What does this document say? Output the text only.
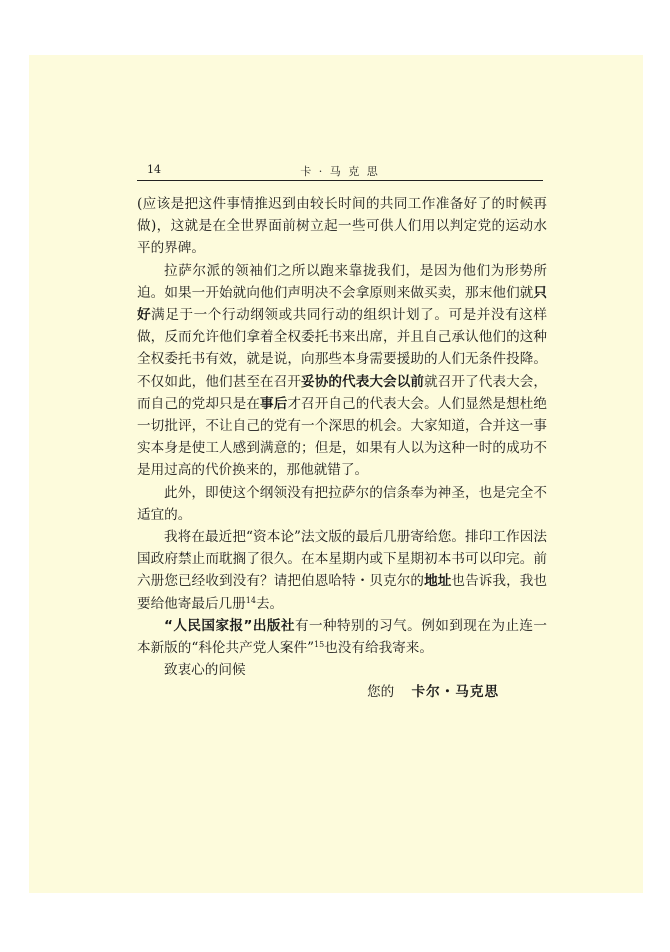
14	卡 · 马 克 思

(应该是把这件事情推迟到由较长时间的共同工作准备好了的时候再做)，这就是在全世界面前树立起一些可供人们用以判定党的运动水平的界碑。

拉萨尔派的领袖们之所以跑来靠拢我们，是因为他们为形势所迫。如果一开始就向他们声明决不会拿原则来做买卖，那末他们就只好满足于一个行动纲领或共同行动的组织计划了。可是并没有这样做，反而允许他们拿着全权委托书来出席，并且自己承认他们的这种全权委托书有效，就是说，向那些本身需要援助的人们无条件投降。不仅如此，他们甚至在召开妥协的代表大会以前就召开了代表大会，而自己的党却只是在事后才召开自己的代表大会。人们显然是想杜绝一切批评，不让自己的党有一个深思的机会。大家知道，合并这一事实本身是使工人感到满意的；但是，如果有人以为这种一时的成功不是用过高的代价换来的，那他就错了。

此外，即使这个纲领没有把拉萨尔的信条奉为神圣，也是完全不适宜的。

我将在最近把“资本论”法文版的最后几册寄给您。排印工作因法国政府禁止而耽搁了很久。在本星期内或下星期初本书可以印完。前六册您已经收到没有？请把伯恩哈特・贝克尔的地址也告诉我，我也要给他寄最后几册$^{14}$去。

“人民国家报”出版社有一种特别的习气。例如到现在为止连一本新版的“科伦共产党人案件”$^{15}$也没有给我寄来。

致衷心的问候

您的 卡尔・马克思
